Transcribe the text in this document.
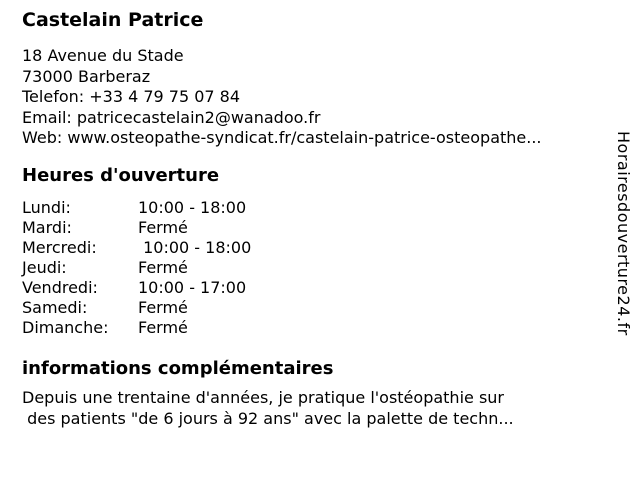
Castelain Patrice
18 Avenue du Stade
73000 Barberaz
Telefon: +33 4 79 75 07 84
Email: patricecastelain2@wanadoo.fr
Web: www.osteopathe-syndicat.fr/castelain-patrice-osteopathe...
Heures d'ouverture
Lundi:	10:00 - 18:00
Mardi:	Fermé
Mercredi:	10:00 - 18:00
Jeudi:	Fermé
Vendredi:	10:00 - 17:00
Samedi:	Fermé
Dimanche:	Fermé
informations complémentaires
Depuis une trentaine d'années, je pratique l'ostéopathie sur
des patients "de 6 jours à 92 ans" avec la palette de techn...
Horairesdouverture24.fr
